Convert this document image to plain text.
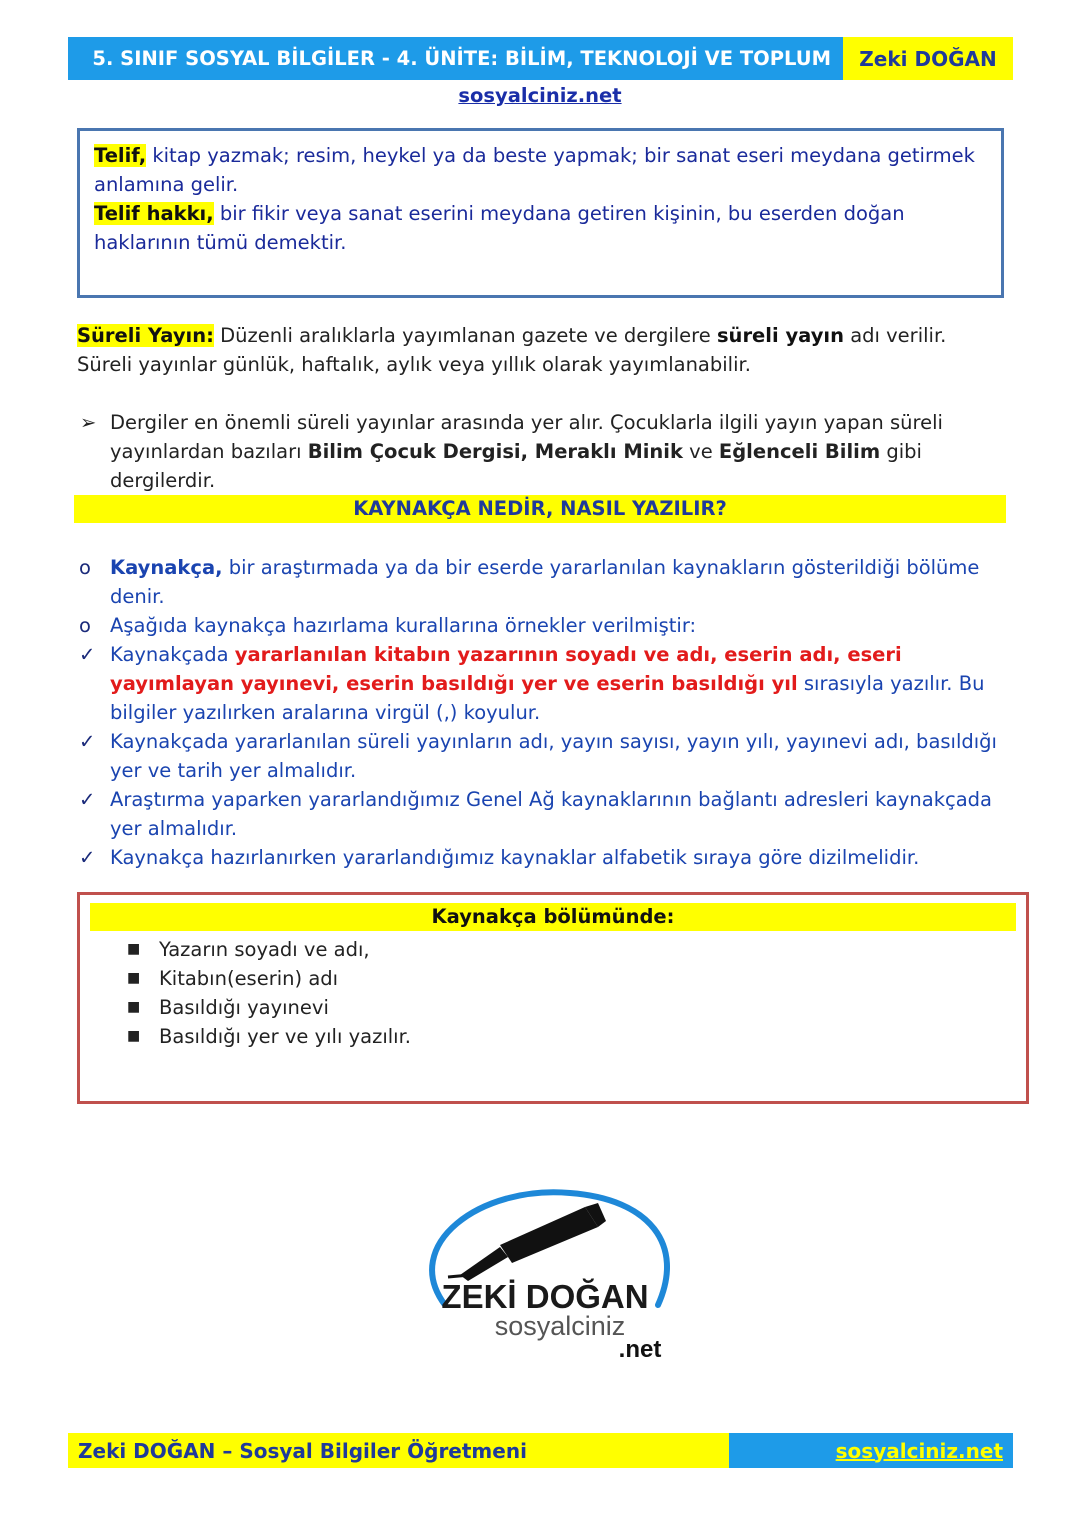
5. SINIF SOSYAL BİLGİLER - 4. ÜNİTE: BİLİM, TEKNOLOJİ VE TOPLUM	Zeki DOĞAN
sosyalciniz.net
Telif, kitap yazmak; resim, heykel ya da beste yapmak; bir sanat eseri meydana getirmek anlamına gelir.
Telif hakkı, bir fikir veya sanat eserini meydana getiren kişinin, bu eserden doğan haklarının tümü demektir.
Süreli Yayın: Düzenli aralıklarla yayımlanan gazete ve dergilere süreli yayın adı verilir. Süreli yayınlar günlük, haftalık, aylık veya yıllık olarak yayımlanabilir.
➢ Dergiler en önemli süreli yayınlar arasında yer alır. Çocuklarla ilgili yayın yapan süreli yayınlardan bazıları Bilim Çocuk Dergisi, Meraklı Minik ve Eğlenceli Bilim gibi dergilerdir.
KAYNAKÇA NEDİR, NASIL YAZILIR?
o Kaynakça, bir araştırmada ya da bir eserde yararlanılan kaynakların gösterildiği bölüme denir.
o Aşağıda kaynakça hazırlama kurallarına örnekler verilmiştir:
✓ Kaynakçada yararlanılan kitabın yazarının soyadı ve adı, eserin adı, eseri yayımlayan yayınevi, eserin basıldığı yer ve eserin basıldığı yıl sırasıyla yazılır. Bu bilgiler yazılırken aralarına virgül (,) koyulur.
✓ Kaynakçada yararlanılan süreli yayınların adı, yayın sayısı, yayın yılı, yayınevi adı, basıldığı yer ve tarih yer almalıdır.
✓ Araştırma yaparken yararlandığımız Genel Ağ kaynaklarının bağlantı adresleri kaynakçada yer almalıdır.
✓ Kaynakça hazırlanırken yararlandığımız kaynaklar alfabetik sıraya göre dizilmelidir.
Kaynakça bölümünde:
■ Yazarın soyadı ve adı,
■ Kitabın(eserin) adı
■ Basıldığı yayınevi
■ Basıldığı yer ve yılı yazılır.
ZEKİ DOĞAN
sosyalciniz
.net
Zeki DOĞAN – Sosyal Bilgiler Öğretmeni	sosyalciniz.net
